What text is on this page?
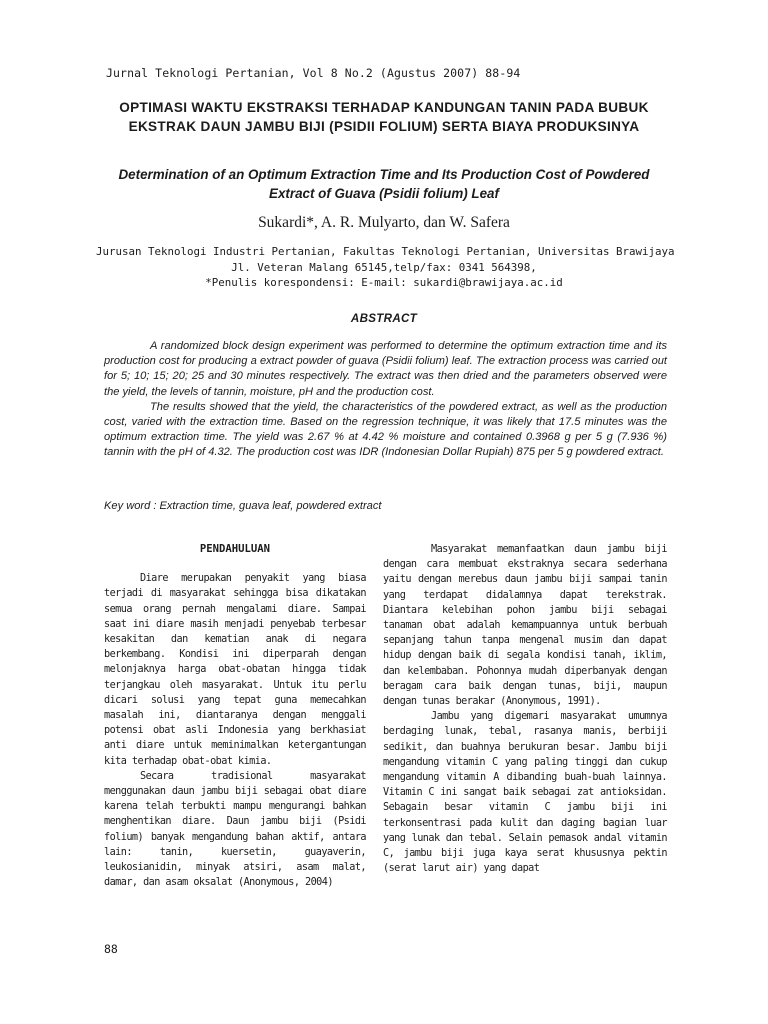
Jurnal Teknologi Pertanian, Vol 8 No.2 (Agustus 2007) 88-94
OPTIMASI WAKTU EKSTRAKSI TERHADAP KANDUNGAN TANIN PADA BUBUK EKSTRAK DAUN JAMBU BIJI (PSIDII FOLIUM) SERTA BIAYA PRODUKSINYA
Determination of an Optimum Extraction Time and Its Production Cost of Powdered Extract of Guava (Psidii folium) Leaf
Sukardi*, A. R. Mulyarto, dan W. Safera
Jurusan Teknologi Industri Pertanian, Fakultas Teknologi Pertanian, Universitas Brawijaya
Jl. Veteran Malang 65145,telp/fax: 0341 564398,
*Penulis korespondensi: E-mail: sukardi@brawijaya.ac.id
ABSTRACT

A randomized block design experiment was performed to determine the optimum extraction time and its production cost for producing a extract powder of guava (Psidii folium) leaf. The extraction process was carried out for 5; 10; 15; 20; 25 and 30 minutes respectively. The extract was then dried and the parameters observed were the yield, the levels of tannin, moisture, pH and the production cost.

The results showed that the yield, the characteristics of the powdered extract, as well as the production cost, varied with the extraction time. Based on the regression technique, it was likely that 17.5 minutes was the optimum extraction time. The yield was 2.67 % at 4.42 % moisture and contained 0.3968 g per 5 g (7.936 %) tannin with the pH of 4.32. The production cost was IDR (Indonesian Dollar Rupiah) 875 per 5 g powdered extract.

Key word : Extraction time, guava leaf, powdered extract
PENDAHULUAN

Diare merupakan penyakit yang biasa terjadi di masyarakat sehingga bisa dikatakan semua orang pernah mengalami diare. Sampai saat ini diare masih menjadi penyebab terbesar kesakitan dan kematian anak di negara berkembang. Kondisi ini diperparah dengan melonjaknya harga obat-obatan hingga tidak terjangkau oleh masyarakat. Untuk itu perlu dicari solusi yang tepat guna memecahkan masalah ini, diantaranya dengan menggali potensi obat asli Indonesia yang berkhasiat anti diare untuk meminimalkan ketergantungan kita terhadap obat-obat kimia.

Secara tradisional masyarakat menggunakan daun jambu biji sebagai obat diare karena telah terbukti mampu mengurangi bahkan menghentikan diare. Daun jambu biji (Psidi folium) banyak mengandung bahan aktif, antara lain: tanin, kuersetin, guayaverin, leukosianidin, minyak atsiri, asam malat, damar, dan asam oksalat (Anonymous, 2004)

Masyarakat memanfaatkan daun jambu biji dengan cara membuat ekstraknya secara sederhana yaitu dengan merebus daun jambu biji sampai tanin yang terdapat didalamnya dapat terekstrak. Diantara kelebihan pohon jambu biji sebagai tanaman obat adalah kemampuannya untuk berbuah sepanjang tahun tanpa mengenal musim dan dapat hidup dengan baik di segala kondisi tanah, iklim, dan kelembaban. Pohonnya mudah diperbanyak dengan beragam cara baik dengan tunas, biji, maupun dengan tunas berakar (Anonymous, 1991).

Jambu yang digemari masyarakat umumnya berdaging lunak, tebal, rasanya manis, berbiji sedikit, dan buahnya berukuran besar. Jambu biji mengandung vitamin C yang paling tinggi dan cukup mengandung vitamin A dibanding buah-buah lainnya. Vitamin C ini sangat baik sebagai zat antioksidan. Sebagain besar vitamin C jambu biji ini terkonsentrasi pada kulit dan daging bagian luar yang lunak dan tebal. Selain pemasok andal vitamin C, jambu biji juga kaya serat khususnya pektin (serat larut air) yang dapat

88
